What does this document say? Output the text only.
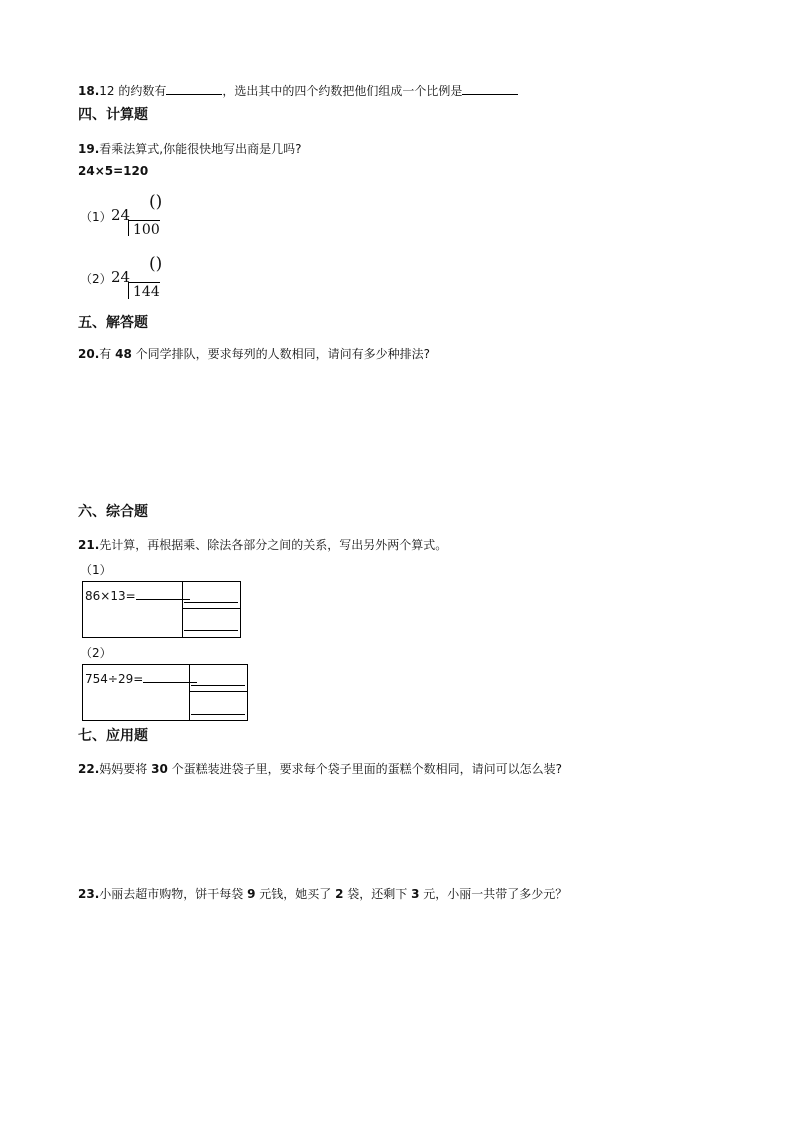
18.12 的约数有	，选出其中的四个约数把他们组成一个比例是
四、计算题
19.看乘法算式,你能很快地写出商是几吗?
24×5=120
（1） 24
()
100
（2） 24
()
144
五、解答题
20.有 48 个同学排队，要求每列的人数相同，请问有多少种排法?
六、综合题
21.先计算，再根据乘、除法各部分之间的关系，写出另外两个算式。
（1）
86×13=
（2）
754÷29=
七、应用题
22.妈妈要将 30 个蛋糕装进袋子里，要求每个袋子里面的蛋糕个数相同，请问可以怎么装?
23.小丽去超市购物，饼干每袋 9 元钱，她买了 2 袋，还剩下 3 元，小丽一共带了多少元？
